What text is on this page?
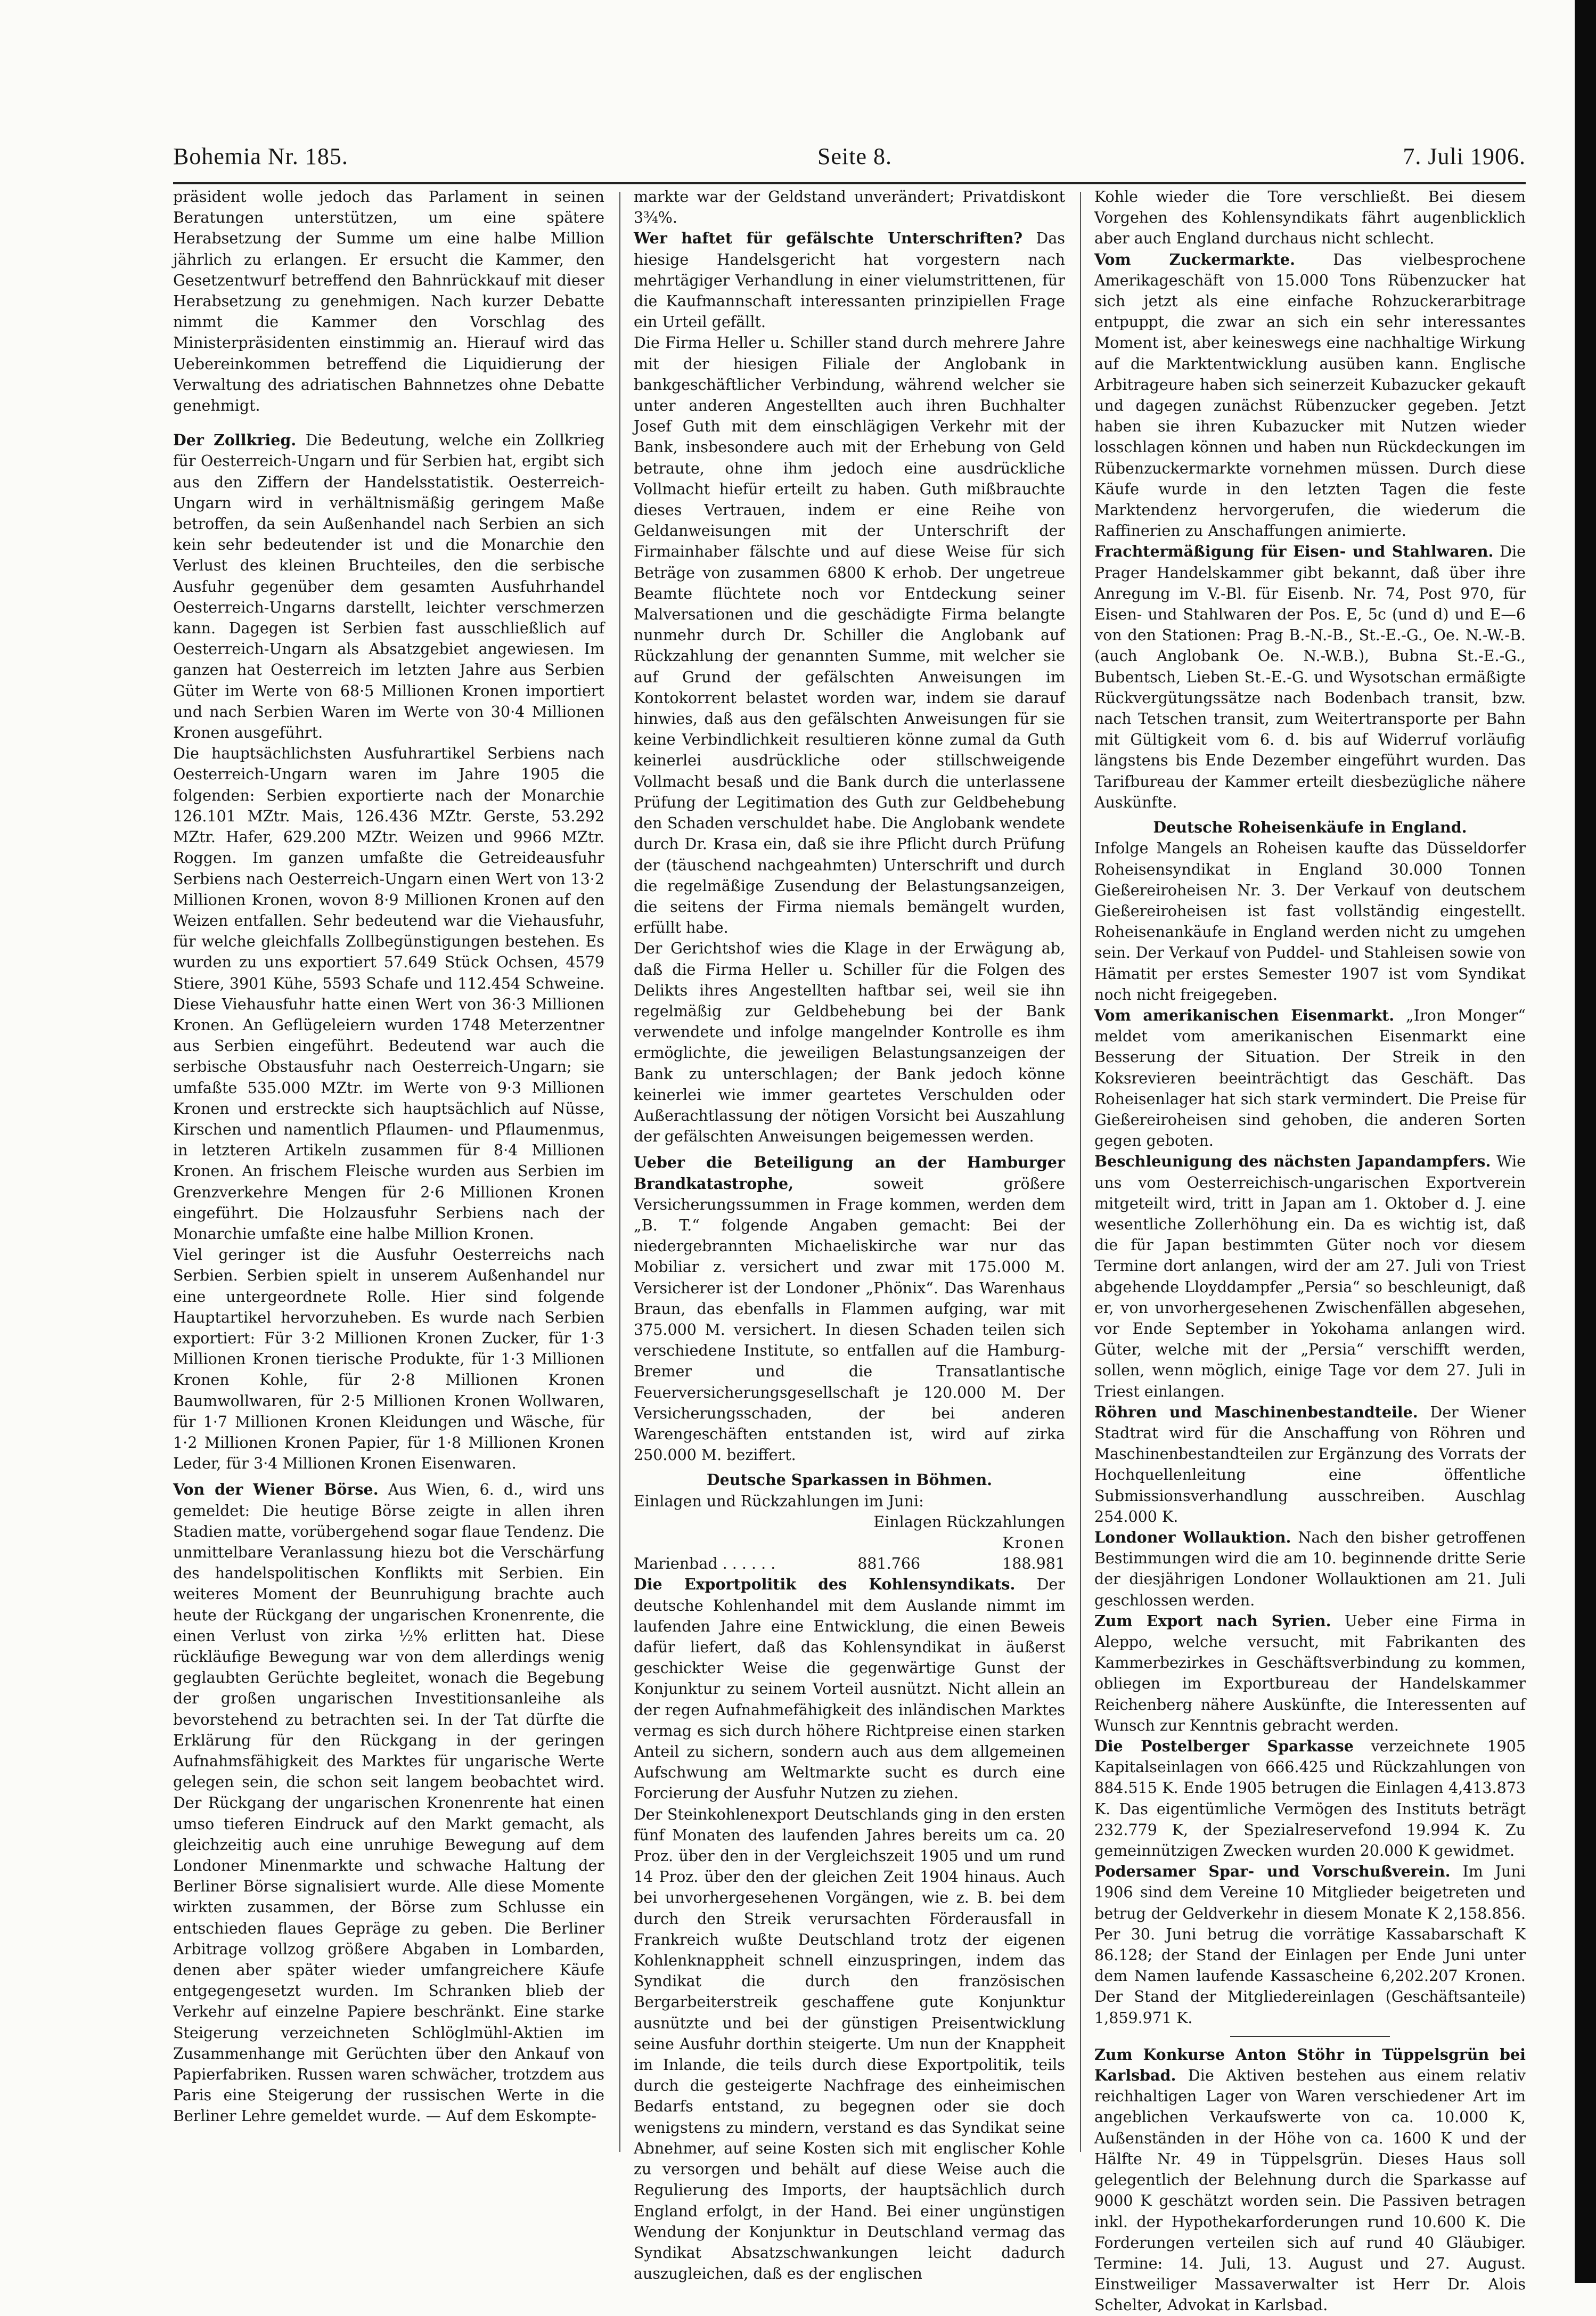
Bohemia Nr. 185.	Seite 8.	7. Juli 1906.

präsident wolle jedoch das Parlament in seinen Beratungen unterstützen, um eine spätere Herabsetzung der Summe um eine halbe Million jährlich zu erlangen. Er ersucht die Kammer, den Gesetzentwurf betreffend den Bahnrückkauf mit dieser Herabsetzung zu genehmigen. Nach kurzer Debatte nimmt die Kammer den Vorschlag des Ministerpräsidenten einstimmig an. Hierauf wird das Uebereinkommen betreffend die Liquidierung der Verwaltung des adriatischen Bahnnetzes ohne Debatte genehmigt.

Der Zollkrieg. Die Bedeutung, welche ein Zollkrieg für Oesterreich-Ungarn und für Serbien hat, ergibt sich aus den Ziffern der Handelsstatistik. Oesterreich-Ungarn wird in verhältnismäßig geringem Maße betroffen, da sein Außenhandel nach Serbien an sich kein sehr bedeutender ist und die Monarchie den Verlust des kleinen Bruchteiles, den die serbische Ausfuhr gegenüber dem gesamten Ausfuhrhandel Oesterreich-Ungarns darstellt, leichter verschmerzen kann. Dagegen ist Serbien fast ausschließlich auf Oesterreich-Ungarn als Absatzgebiet angewiesen. Im ganzen hat Oesterreich im letzten Jahre aus Serbien Güter im Werte von 68·5 Millionen Kronen importiert und nach Serbien Waren im Werte von 30·4 Millionen Kronen ausgeführt.

Die hauptsächlichsten Ausfuhrartikel Serbiens nach Oesterreich-Ungarn waren im Jahre 1905 die folgenden: Serbien exportierte nach der Monarchie 126.101 MZtr. Mais, 126.436 MZtr. Gerste, 53.292 MZtr. Hafer, 629.200 MZtr. Weizen und 9966 MZtr. Roggen. Im ganzen umfaßte die Getreideausfuhr Serbiens nach Oesterreich-Ungarn einen Wert von 13·2 Millionen Kronen, wovon 8·9 Millionen Kronen auf den Weizen entfallen. Sehr bedeutend war die Viehausfuhr, für welche gleichfalls Zollbegünstigungen bestehen. Es wurden zu uns exportiert 57.649 Stück Ochsen, 4579 Stiere, 3901 Kühe, 5593 Schafe und 112.454 Schweine. Diese Viehausfuhr hatte einen Wert von 36·3 Millionen Kronen. An Geflügeleiern wurden 1748 Meterzentner aus Serbien eingeführt. Bedeutend war auch die serbische Obstausfuhr nach Oesterreich-Ungarn; sie umfaßte 535.000 MZtr. im Werte von 9·3 Millionen Kronen und erstreckte sich hauptsächlich auf Nüsse, Kirschen und namentlich Pflaumen- und Pflaumenmus, in letzteren Artikeln zusammen für 8·4 Millionen Kronen. An frischem Fleische wurden aus Serbien im Grenzverkehre Mengen für 2·6 Millionen Kronen eingeführt. Die Holzausfuhr Serbiens nach der Monarchie umfaßte eine halbe Million Kronen.

Viel geringer ist die Ausfuhr Oesterreichs nach Serbien. Serbien spielt in unserem Außenhandel nur eine untergeordnete Rolle. Hier sind folgende Hauptartikel hervorzuheben. Es wurde nach Serbien exportiert: Für 3·2 Millionen Kronen Zucker, für 1·3 Millionen Kronen tierische Produkte, für 1·3 Millionen Kronen Kohle, für 2·8 Millionen Kronen Baumwollwaren, für 2·5 Millionen Kronen Wollwaren, für 1·7 Millionen Kronen Kleidungen und Wäsche, für 1·2 Millionen Kronen Papier, für 1·8 Millionen Kronen Leder, für 3·4 Millionen Kronen Eisenwaren.

Von der Wiener Börse. Aus Wien, 6. d., wird uns gemeldet: Die heutige Börse zeigte in allen ihren Stadien matte, vorübergehend sogar flaue Tendenz. Die unmittelbare Veranlassung hiezu bot die Verschärfung des handelspolitischen Konflikts mit Serbien. Ein weiteres Moment der Beunruhigung brachte auch heute der Rückgang der ungarischen Kronenrente, die einen Verlust von zirka ½% erlitten hat. Diese rückläufige Bewegung war von dem allerdings wenig geglaubten Gerüchte begleitet, wonach die Begebung der großen ungarischen Investitionsanleihe als bevorstehend zu betrachten sei. In der Tat dürfte die Erklärung für den Rückgang in der geringen Aufnahmsfähigkeit des Marktes für ungarische Werte gelegen sein, die schon seit langem beobachtet wird. Der Rückgang der ungarischen Kronenrente hat einen umso tieferen Eindruck auf den Markt gemacht, als gleichzeitig auch eine unruhige Bewegung auf dem Londoner Minenmarkte und schwache Haltung der Berliner Börse signalisiert wurde. Alle diese Momente wirkten zusammen, der Börse zum Schlusse ein entschieden flaues Gepräge zu geben. Die Berliner Arbitrage vollzog größere Abgaben in Lombarden, denen aber später wieder umfangreichere Käufe entgegengesetzt wurden. Im Schranken blieb der Verkehr auf einzelne Papiere beschränkt. Eine starke Steigerung verzeichneten Schlöglmühl-Aktien im Zusammenhange mit Gerüchten über den Ankauf von Papierfabriken. Russen waren schwächer, trotzdem aus Paris eine Steigerung der russischen Werte in die Berliner Lehre gemeldet wurde. — Auf dem Eskompte-

markte war der Geldstand unverändert; Privatdiskont 3¾%.

Wer haftet für gefälschte Unterschriften? Das hiesige Handelsgericht hat vorgestern nach mehrtägiger Verhandlung in einer vielumstrittenen, für die Kaufmannschaft interessanten prinzipiellen Frage ein Urteil gefällt.

Die Firma Heller u. Schiller stand durch mehrere Jahre mit der hiesigen Filiale der Anglobank in bankgeschäftlicher Verbindung, während welcher sie unter anderen Angestellten auch ihren Buchhalter Josef Guth mit dem einschlägigen Verkehr mit der Bank, insbesondere auch mit der Erhebung von Geld betraute, ohne ihm jedoch eine ausdrückliche Vollmacht hiefür erteilt zu haben. Guth mißbrauchte dieses Vertrauen, indem er eine Reihe von Geldanweisungen mit der Unterschrift der Firmainhaber fälschte und auf diese Weise für sich Beträge von zusammen 6800 K erhob. Der ungetreue Beamte flüchtete noch vor Entdeckung seiner Malversationen und die geschädigte Firma belangte nunmehr durch Dr. Schiller die Anglobank auf Rückzahlung der genannten Summe, mit welcher sie auf Grund der gefälschten Anweisungen im Kontokorrent belastet worden war, indem sie darauf hinwies, daß aus den gefälschten Anweisungen für sie keine Verbindlichkeit resultieren könne zumal da Guth keinerlei ausdrückliche oder stillschweigende Vollmacht besaß und die Bank durch die unterlassene Prüfung der Legitimation des Guth zur Geldbehebung den Schaden verschuldet habe. Die Anglobank wendete durch Dr. Krasa ein, daß sie ihre Pflicht durch Prüfung der (täuschend nachgeahmten) Unterschrift und durch die regelmäßige Zusendung der Belastungsanzeigen, die seitens der Firma niemals bemängelt wurden, erfüllt habe.

Der Gerichtshof wies die Klage in der Erwägung ab, daß die Firma Heller u. Schiller für die Folgen des Delikts ihres Angestellten haftbar sei, weil sie ihn regelmäßig zur Geldbehebung bei der Bank verwendete und infolge mangelnder Kontrolle es ihm ermöglichte, die jeweiligen Belastungsanzeigen der Bank zu unterschlagen; der Bank jedoch könne keinerlei wie immer geartetes Verschulden oder Außerachtlassung der nötigen Vorsicht bei Auszahlung der gefälschten Anweisungen beigemessen werden.

Ueber die Beteiligung an der Hamburger Brandkatastrophe,	soweit größere Versicherungssummen in Frage kommen, werden dem „B. T.“ folgende Angaben gemacht: Bei der niedergebrannten Michaeliskirche war nur das Mobiliar z. versichert und zwar mit 175.000 M. Versicherer ist der Londoner „Phönix“. Das Warenhaus Braun, das ebenfalls in Flammen aufging, war mit 375.000 M. versichert. In diesen Schaden teilen sich verschiedene Institute, so entfallen auf die Hamburg-Bremer und die Transatlantische Feuerversicherungsgesellschaft je 120.000 M. Der Versicherungsschaden, der bei anderen Warengeschäften entstanden ist, wird auf zirka 250.000 M. beziffert.

Deutsche Sparkassen in Böhmen.

Einlagen und Rückzahlungen im Juni:

Einlagen Rückzahlungen
Kronen
Marienbad . . . . . .	881.766	188.981

Die Exportpolitik des Kohlensyndikats. Der deutsche Kohlenhandel mit dem Auslande nimmt im laufenden Jahre eine Entwicklung, die einen Beweis dafür liefert, daß das Kohlensyndikat in äußerst geschickter Weise die gegenwärtige Gunst der Konjunktur zu seinem Vorteil ausnützt. Nicht allein an der regen Aufnahmefähigkeit des inländischen Marktes vermag es sich durch höhere Richtpreise einen starken Anteil zu sichern, sondern auch aus dem allgemeinen Aufschwung am Weltmarkte sucht es durch eine Forcierung der Ausfuhr Nutzen zu ziehen.

Der Steinkohlenexport Deutschlands ging in den ersten fünf Monaten des laufenden Jahres bereits um ca. 20 Proz. über den in der Vergleichszeit 1905 und um rund 14 Proz. über den der gleichen Zeit 1904 hinaus. Auch bei unvorhergesehenen Vorgängen, wie z. B. bei dem durch den Streik verursachten Förderausfall in Frankreich wußte Deutschland trotz der eigenen Kohlenknappheit schnell einzuspringen, indem das Syndikat die durch den französischen Bergarbeiterstreik geschaffene gute Konjunktur ausnützte und bei der günstigen Preisentwicklung seine Ausfuhr dorthin steigerte. Um nun der Knappheit im Inlande, die teils durch diese Exportpolitik, teils durch die gesteigerte Nachfrage des einheimischen Bedarfs entstand, zu begegnen oder sie doch wenigstens zu mindern, verstand es das Syndikat seine Abnehmer, auf seine Kosten sich mit englischer Kohle zu versorgen und behält auf diese Weise auch die Regulierung des Imports, der hauptsächlich durch England erfolgt, in der Hand. Bei einer ungünstigen Wendung der Konjunktur in Deutschland vermag das Syndikat Absatzschwankungen leicht dadurch auszugleichen, daß es der englischen

Kohle wieder die Tore verschließt. Bei diesem Vorgehen des Kohlensyndikats fährt augenblicklich aber auch England durchaus nicht schlecht.

Vom Zuckermarkte. Das vielbesprochene Amerikageschäft von 15.000 Tons Rübenzucker hat sich jetzt als eine einfache Rohzuckerarbitrage entpuppt, die zwar an sich ein sehr interessantes Moment ist, aber keineswegs eine nachhaltige Wirkung auf die Marktentwicklung ausüben kann. Englische Arbitrageure haben sich seinerzeit Kubazucker gekauft und dagegen zunächst Rübenzucker gegeben. Jetzt haben sie ihren Kubazucker mit Nutzen wieder losschlagen können und haben nun Rückdeckungen im Rübenzuckermarkte vornehmen müssen. Durch diese Käufe wurde in den letzten Tagen die feste Marktendenz hervorgerufen, die wiederum die Raffinerien zu Anschaffungen animierte.

Frachtermäßigung für Eisen- und Stahlwaren. Die Prager Handelskammer gibt bekannt, daß über ihre Anregung im V.-Bl. für Eisenb. Nr. 74, Post 970, für Eisen- und Stahlwaren der Pos. E, 5c (und d) und E—6 von den Stationen: Prag B.-N.-B., St.-E.-G., Oe. N.-W.-B. (auch Anglobank Oe. N.-W.B.), Bubna St.-E.-G., Bubentsch, Lieben St.-E.-G. und Wysotschan ermäßigte Rückvergütungssätze nach Bodenbach transit, bzw. nach Tetschen transit, zum Weitertransporte per Bahn mit Gültigkeit vom 6. d. bis auf Widerruf vorläufig längstens bis Ende Dezember eingeführt wurden. Das Tarifbureau der Kammer erteilt diesbezügliche nähere Auskünfte.

Deutsche Roheisenkäufe in England.

Infolge Mangels an Roheisen kaufte das Düsseldorfer Roheisensyndikat in England 30.000 Tonnen Gießereiroheisen Nr. 3. Der Verkauf von deutschem Gießereiroheisen ist fast vollständig eingestellt. Roheisenankäufe in England werden nicht zu umgehen sein. Der Verkauf von Puddel- und Stahleisen sowie von Hämatit per erstes Semester 1907 ist vom Syndikat noch nicht freigegeben.

Vom amerikanischen Eisenmarkt. „Iron Monger“ meldet vom amerikanischen Eisenmarkt eine Besserung der Situation. Der Streik in den Koksrevieren beeinträchtigt das Geschäft. Das Roheisenlager hat sich stark vermindert. Die Preise für Gießereiroheisen sind gehoben, die anderen Sorten gegen geboten.

Beschleunigung des nächsten Japandampfers. Wie uns vom Oesterreichisch-ungarischen Exportverein mitgeteilt wird, tritt in Japan am 1. Oktober d. J. eine wesentliche Zollerhöhung ein. Da es wichtig ist, daß die für Japan bestimmten Güter noch vor diesem Termine dort anlangen, wird der am 27. Juli von Triest abgehende Lloyddampfer „Persia“ so beschleunigt, daß er, von unvorhergesehenen Zwischenfällen abgesehen, vor Ende September in Yokohama anlangen wird. Güter, welche mit der „Persia“ verschifft werden, sollen, wenn möglich, einige Tage vor dem 27. Juli in Triest einlangen.

Röhren und Maschinenbestandteile. Der Wiener Stadtrat wird für die Anschaffung von Röhren und Maschinenbestandteilen zur Ergänzung des Vorrats der Hochquellenleitung eine öffentliche Submissionsverhandlung ausschreiben. Auschlag 254.000 K.

Londoner Wollauktion. Nach den bisher getroffenen Bestimmungen wird die am 10. beginnende dritte Serie der diesjährigen Londoner Wollauktionen am 21. Juli geschlossen werden.

Zum Export nach Syrien. Ueber eine Firma in Aleppo, welche versucht, mit Fabrikanten des Kammerbezirkes in Geschäftsverbindung zu kommen, obliegen im Exportbureau der Handelskammer Reichenberg nähere Auskünfte, die Interessenten auf Wunsch zur Kenntnis gebracht werden.

Die Postelberger Sparkasse verzeichnete 1905 Kapitalseinlagen von 666.425 und Rückzahlungen von 884.515 K. Ende 1905 betrugen die Einlagen 4,413.873 K. Das eigentümliche Vermögen des Instituts beträgt 232.779 K, der Spezialreservefond 19.994 K. Zu gemeinnützigen Zwecken wurden 20.000 K gewidmet.

Podersamer Spar- und Vorschußverein. Im Juni 1906 sind dem Vereine 10 Mitglieder beigetreten und betrug der Geldverkehr in diesem Monate K 2,158.856. Per 30. Juni betrug die vorrätige Kassabarschaft K 86.128; der Stand der Einlagen per Ende Juni unter dem Namen laufende Kassascheine 6,202.207 Kronen. Der Stand der Mitgliedereinlagen (Geschäftsanteile) 1,859.971 K.

Zum Konkurse Anton Stöhr in Tüppelsgrün bei Karlsbad. Die Aktiven bestehen aus einem relativ reichhaltigen Lager von Waren verschiedener Art im angeblichen Verkaufswerte von ca. 10.000 K, Außenständen in der Höhe von ca. 1600 K und der Hälfte Nr. 49 in Tüppelsgrün. Dieses Haus soll gelegentlich der Belehnung durch die Sparkasse auf 9000 K geschätzt worden sein. Die Passiven betragen inkl. der Hypothekarforderungen rund 10.600 K. Die Forderungen verteilen sich auf rund 40 Gläubiger. Termine: 14. Juli, 13. August und 27. August. Einstweiliger Massaverwalter ist Herr Dr. Alois Schelter, Advokat in Karlsbad.
